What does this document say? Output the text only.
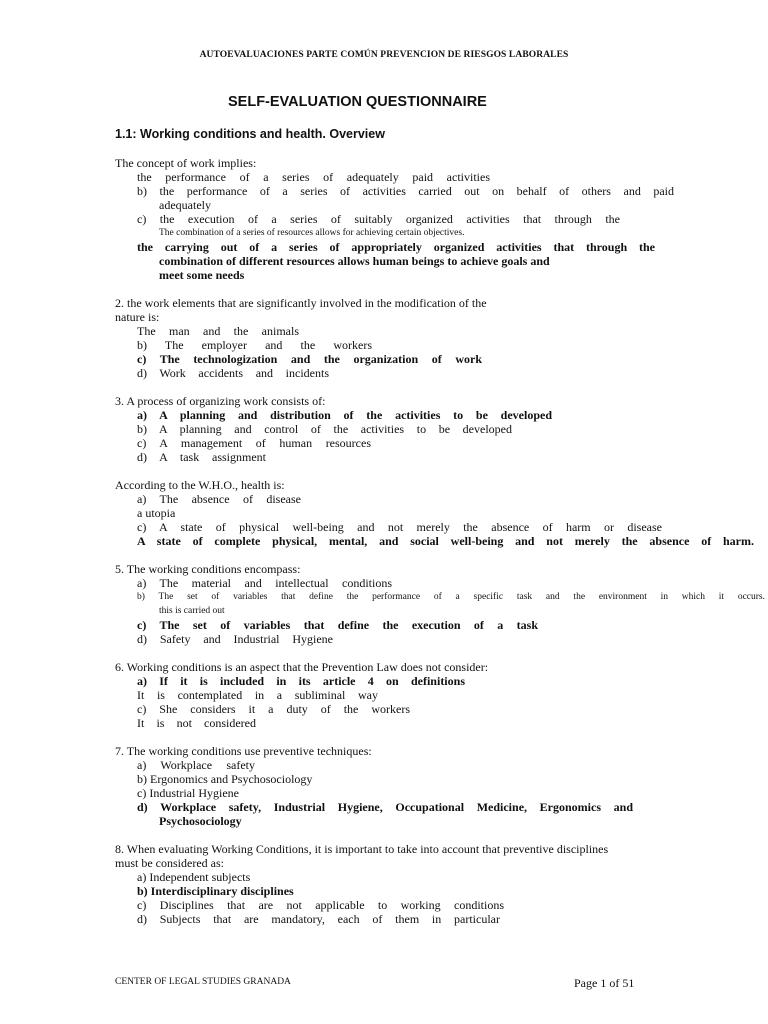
AUTOEVALUACIONES PARTE COMÚN PREVENCION DE RIESGOS LABORALES
SELF-EVALUATION QUESTIONNAIRE
1.1: Working conditions and health. Overview
The concept of work implies:
the performance of a series of adequately paid activities
b) the performance of a series of activities carried out on behalf of others and paid
adequately
c) the execution of a series of suitably organized activities that through the
The combination of a series of resources allows for achieving certain objectives.
the carrying out of a series of appropriately organized activities that through the
combination of different resources allows human beings to achieve goals and
meet some needs
2. the work elements that are significantly involved in the modification of the
nature is:
The man and the animals
b) The employer and the workers
c) The technologization and the organization of work
d) Work accidents and incidents
3. A process of organizing work consists of:
a) A planning and distribution of the activities to be developed
b) A planning and control of the activities to be developed
c) A management of human resources
d) A task assignment
According to the W.H.O., health is:
a) The absence of disease
a utopia
c) A state of physical well-being and not merely the absence of harm or disease
A state of complete physical, mental, and social well-being and not merely the absence of harm.
5. The working conditions encompass:
a) The material and intellectual conditions
b) The set of variables that define the performance of a specific task and the environment in which it occurs.
this is carried out
c) The set of variables that define the execution of a task
d) Safety and Industrial Hygiene
6. Working conditions is an aspect that the Prevention Law does not consider:
a) If it is included in its article 4 on definitions
It is contemplated in a subliminal way
c) She considers it a duty of the workers
It is not considered
7. The working conditions use preventive techniques:
a) Workplace safety
b) Ergonomics and Psychosociology
c) Industrial Hygiene
d) Workplace safety, Industrial Hygiene, Occupational Medicine, Ergonomics and
Psychosociology
8. When evaluating Working Conditions, it is important to take into account that preventive disciplines
must be considered as:
a) Independent subjects
b) Interdisciplinary disciplines
c) Disciplines that are not applicable to working conditions
d) Subjects that are mandatory, each of them in particular
CENTER OF LEGAL STUDIES GRANADA	Page 1 of 51
